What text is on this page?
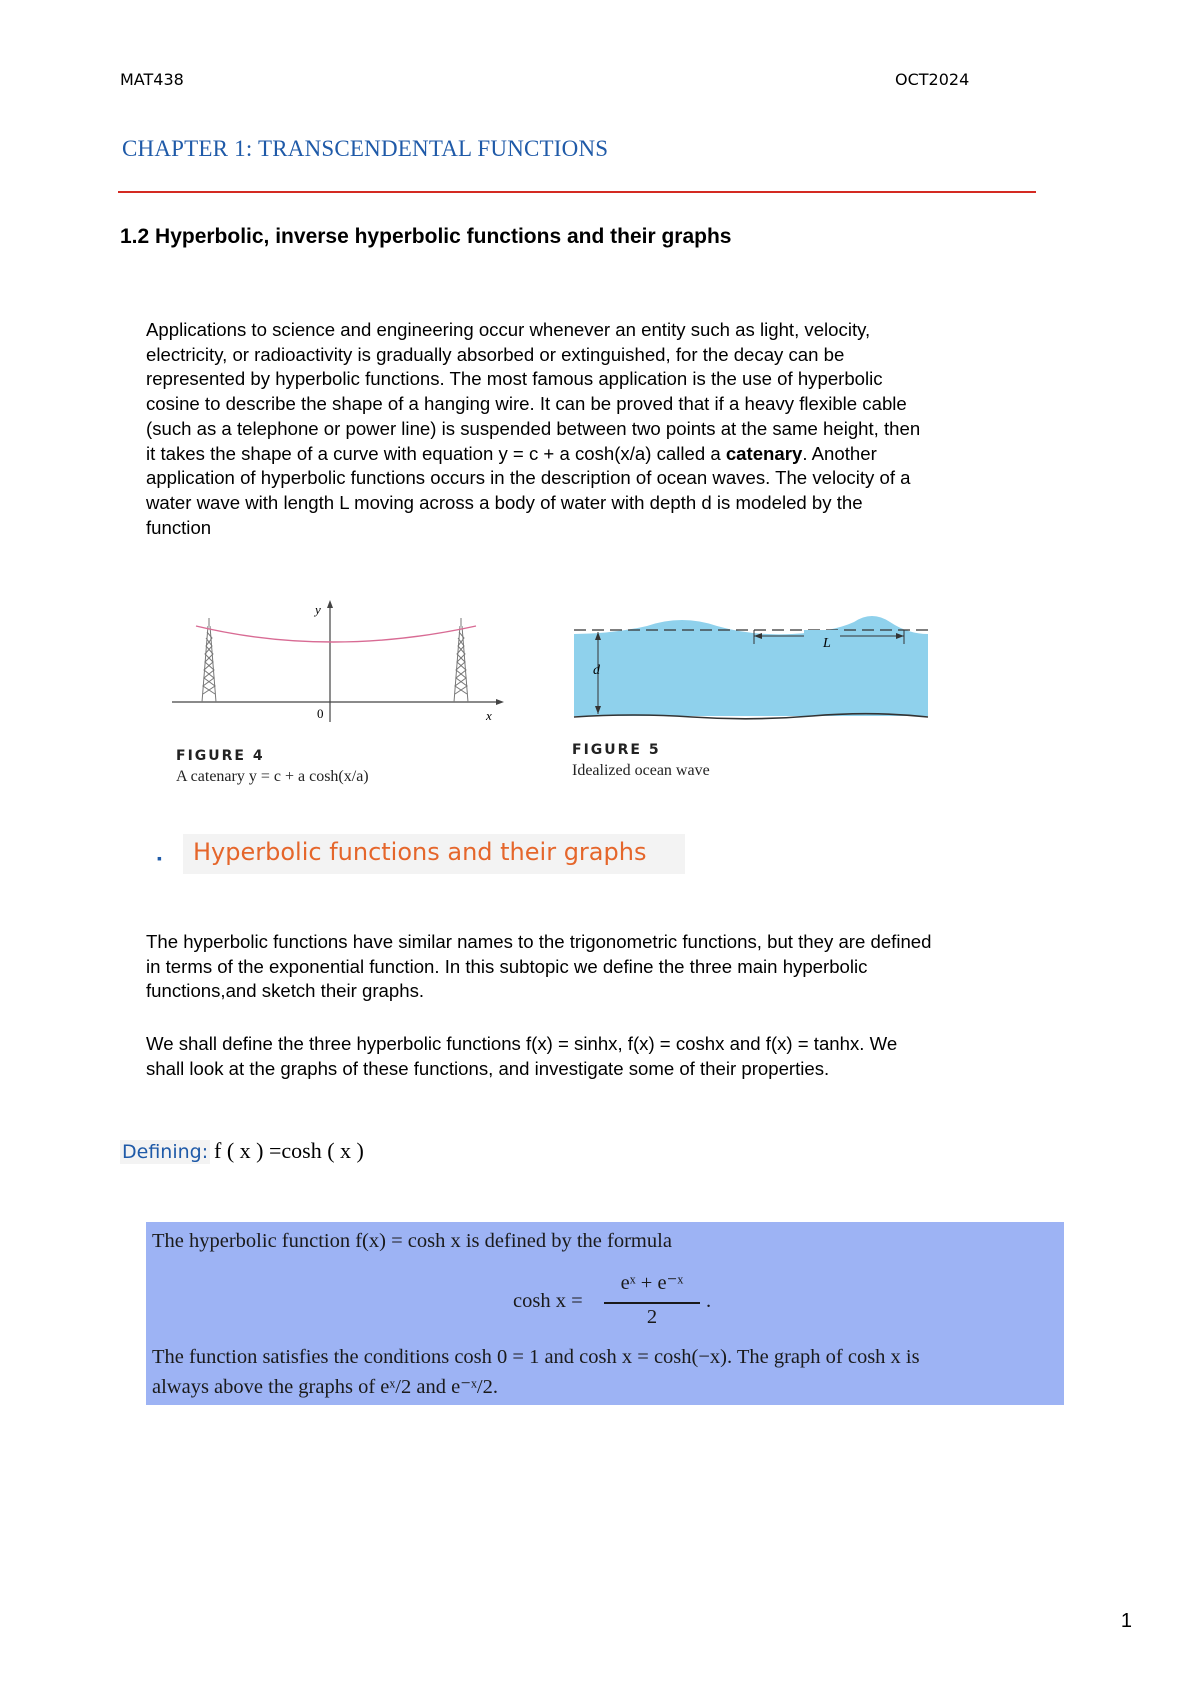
MAT438	OCT2024
CHAPTER 1: TRANSCENDENTAL FUNCTIONS
1.2 Hyperbolic, inverse hyperbolic functions and their graphs
Applications to science and engineering occur whenever an entity such as light, velocity,
electricity, or radioactivity is gradually absorbed or extinguished, for the decay can be
represented by hyperbolic functions. The most famous application is the use of hyperbolic
cosine to describe the shape of a hanging wire. It can be proved that if a heavy flexible cable
(such as a telephone or power line) is suspended between two points at the same height, then
it takes the shape of a curve with equation y = c + a cosh(x/a) called a catenary. Another
application of hyperbolic functions occurs in the description of ocean waves. The velocity of a
water wave with length L moving across a body of water with depth d is modeled by the
function
y
x
0
FIGURE 4
A catenary y = c + a cosh(x/a)
d
L
FIGURE 5
Idealized ocean wave
▪ Hyperbolic functions and their graphs
The hyperbolic functions have similar names to the trigonometric functions, but they are defined
in terms of the exponential function. In this subtopic we define the three main hyperbolic
functions,and sketch their graphs.
We shall define the three hyperbolic functions f(x) = sinhx, f(x) = coshx and f(x) = tanhx. We
shall look at the graphs of these functions, and investigate some of their properties.
Defining: f ( x ) =cosh ( x )
The hyperbolic function f(x) = cosh x is defined by the formula
cosh x =
eˣ + e⁻ˣ
2
.
The function satisfies the conditions cosh 0 = 1 and cosh x = cosh(−x). The graph of cosh x is
always above the graphs of eˣ/2 and e⁻ˣ/2.
1
